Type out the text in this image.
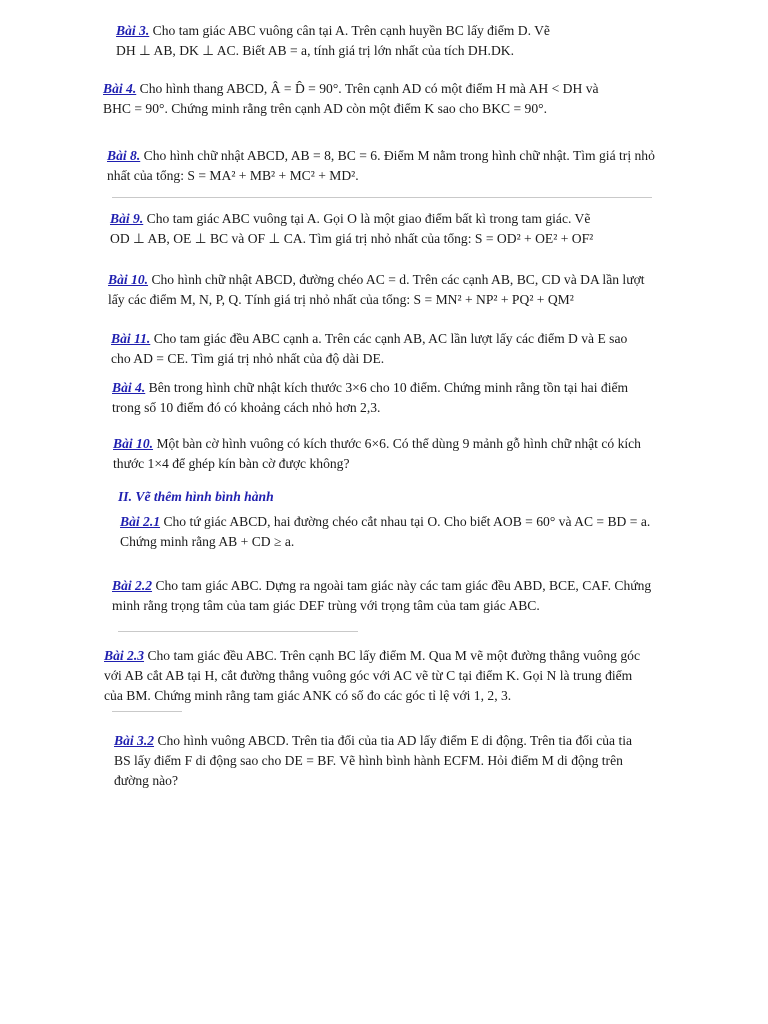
Bài 3. Cho tam giác ABC vuông cân tại A. Trên cạnh huyền BC lấy điểm D. Vẽ
DH ⊥ AB, DK ⊥ AC. Biết AB = a, tính giá trị lớn nhất của tích DH.DK.
Bài 4. Cho hình thang ABCD, Â = D̂ = 90°. Trên cạnh AD có một điểm H mà AH < DH và
BHC = 90°. Chứng minh rằng trên cạnh AD còn một điểm K sao cho BKC = 90°.
Bài 8. Cho hình chữ nhật ABCD, AB = 8, BC = 6. Điểm M nằm trong hình chữ nhật. Tìm giá trị nhỏ
nhất của tổng: S = MA² + MB² + MC² + MD².
Bài 9. Cho tam giác ABC vuông tại A. Gọi O là một giao điểm bất kì trong tam giác. Vẽ
OD ⊥ AB, OE ⊥ BC và OF ⊥ CA. Tìm giá trị nhỏ nhất của tổng: S = OD² + OE² + OF²
Bài 10. Cho hình chữ nhật ABCD, đường chéo AC = d. Trên các cạnh AB, BC, CD và DA lần lượt
lấy các điểm M, N, P, Q. Tính giá trị nhỏ nhất của tổng: S = MN² + NP² + PQ² + QM²
Bài 11. Cho tam giác đều ABC cạnh a. Trên các cạnh AB, AC lần lượt lấy các điểm D và E sao
cho AD = CE. Tìm giá trị nhỏ nhất của độ dài DE.
Bài 4. Bên trong hình chữ nhật kích thước 3×6 cho 10 điểm. Chứng minh rằng tồn tại hai điểm
trong số 10 điểm đó có khoảng cách nhỏ hơn 2,3.
Bài 10. Một bàn cờ hình vuông có kích thước 6×6. Có thể dùng 9 mảnh gỗ hình chữ nhật có kích
thước 1×4 để ghép kín bàn cờ được không?
II. Vẽ thêm hình bình hành
Bài 2.1 Cho tứ giác ABCD, hai đường chéo cắt nhau tại O. Cho biết AOB = 60° và AC = BD = a.
Chứng minh rằng AB + CD ≥ a.
Bài 2.2 Cho tam giác ABC. Dựng ra ngoài tam giác này các tam giác đều ABD, BCE, CAF. Chứng
minh rằng trọng tâm của tam giác DEF trùng với trọng tâm của tam giác ABC.
Bài 2.3 Cho tam giác đều ABC. Trên cạnh BC lấy điểm M. Qua M vẽ một đường thẳng vuông góc
với AB cắt AB tại H, cắt đường thẳng vuông góc với AC vẽ từ C tại điểm K. Gọi N là trung điểm
của BM. Chứng minh rằng tam giác ANK có số đo các góc tỉ lệ với 1, 2, 3.
Bài 3.2 Cho hình vuông ABCD. Trên tia đối của tia AD lấy điểm E di động. Trên tia đối của tia
BS lấy điểm F di động sao cho DE = BF. Vẽ hình bình hành ECFM. Hỏi điểm M di động trên
đường nào?
